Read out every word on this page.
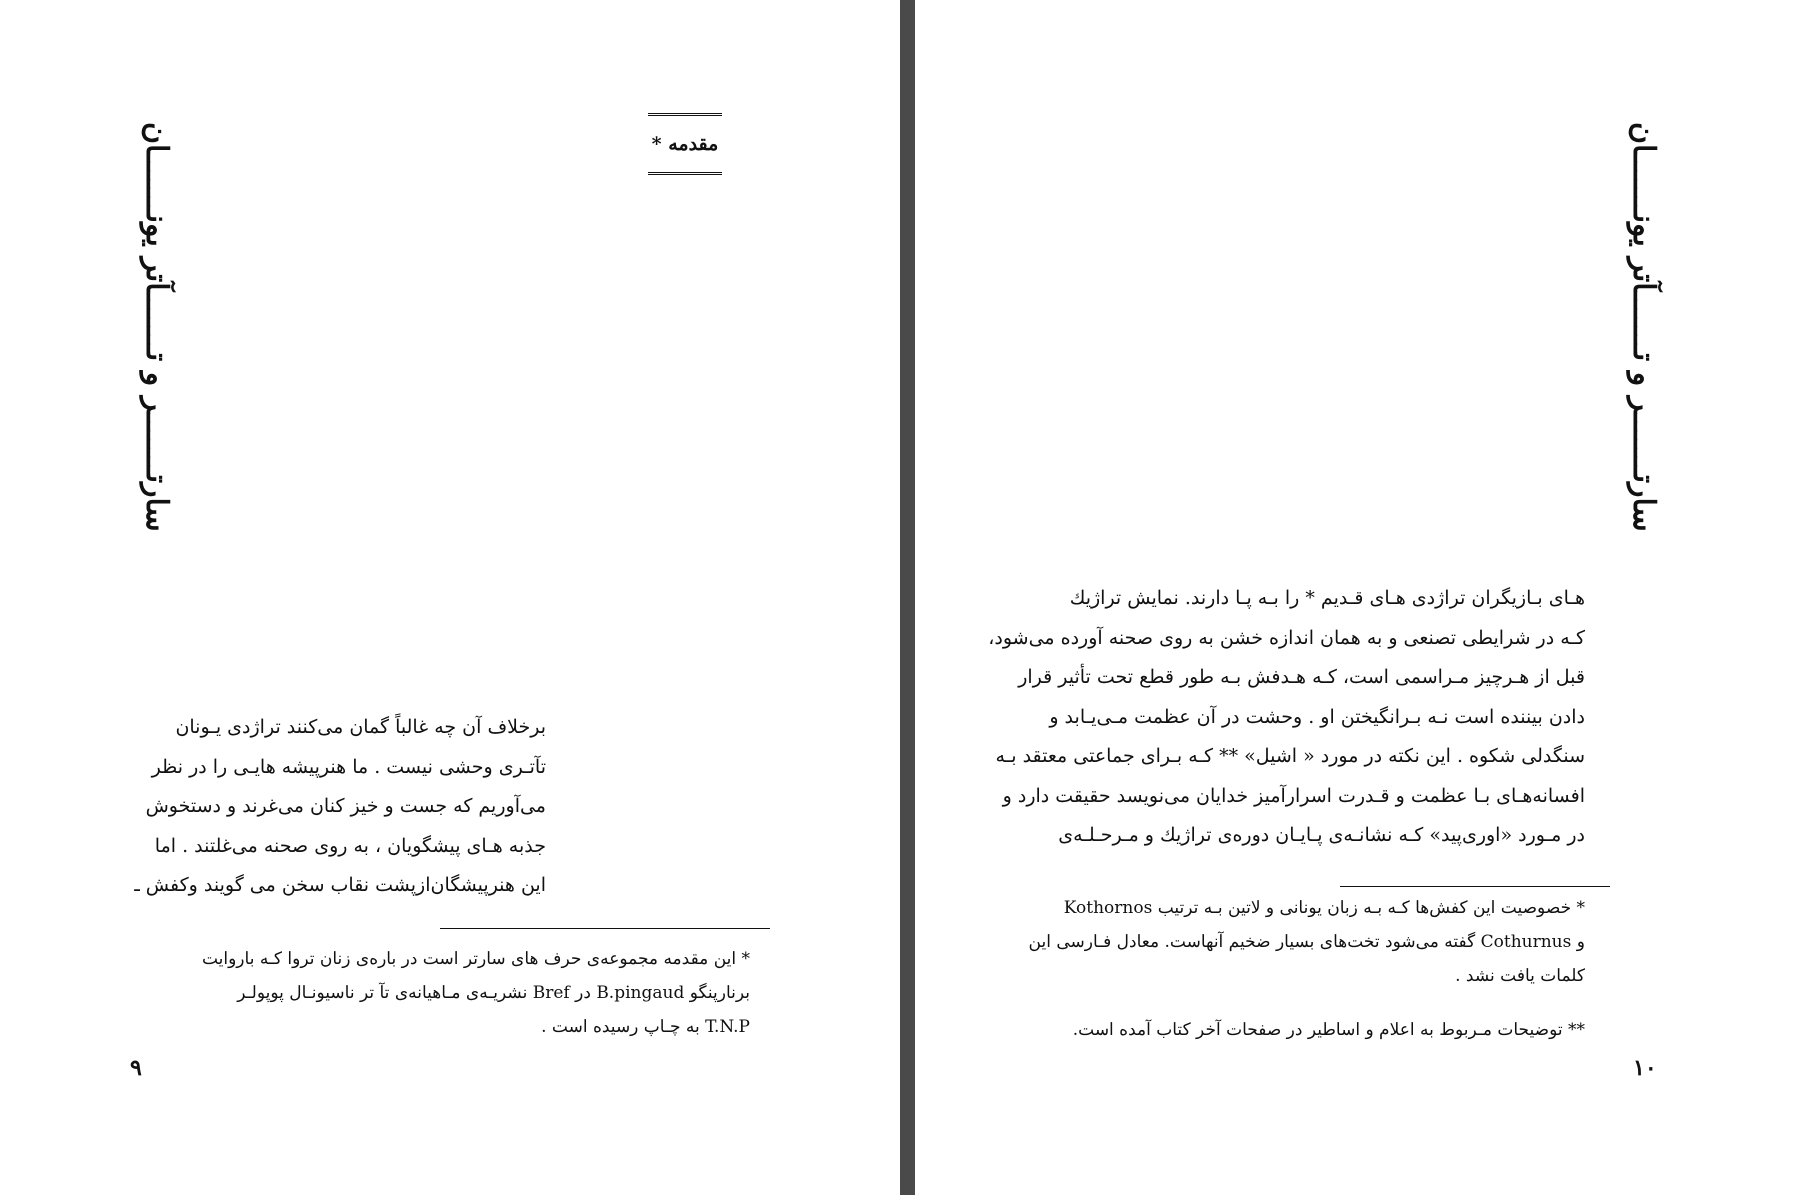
سارتـــــــر و تـــــــآتر یونـــــــان	مقدمه *

برخلاف آن چه غالباً گمان می‌کنند تراژدی یـونان

تآتـری وحشی نیست . ما هنرپیشه هایـی را در نظر

می‌آوریم که جست و خیز کنان می‌غرند و دستخوش

جذبه هـای پیشگویان ، به روی صحنه می‌غلتند . اما

این هنرپیشگان‌ازپشت نقاب سخن می گویند و‌کفش ـ

* این مقدمه مجموعه‌ی حرف های سارتر است در باره‌ی زنان تروا کـه باروایت

برنارپنگو B.pingaud در Bref نشریـه‌ی مـاهیانه‌ی تآ تر ناسیونـال پوپولـر

T.N.P به چـاپ رسیده است .

۹
سارتـــــــر و تـــــــآتر یونـــــــان

هـای بـازیگران تراژدی هـای قـدیم * را بـه پـا دارند. نمایش تراژیك

کـه در شرایطی تصنعی و به همان اندازه خشن به روی صحنه آورده می‌شود،

قبل از هـرچیز مـراسمی است، کـه هـدفش بـه طور قطع تحت تأثیر قرار

دادن بیننده است نـه بـرانگیختن او . وحشت در آن عظمت مـی‌یـابد و

سنگدلی شکوه . این نکته در مورد « اشیل» ** کـه بـرای جماعتی معتقد بـه

افسانه‌هـای بـا عظمت و قـدرت اسرارآمیز خدایان می‌نویسد حقیقت دارد و

در مـورد «اوری‌پید» کـه نشانـه‌ی پـایـان دوره‌ی تراژیك و مـرحـلـه‌ی

* خصوصیت این کفش‌ها کـه بـه زبان یونانی و لاتین بـه ترتیب Kothornos

و Cothurnus گفته می‌شود تخت‌های بسیار ضخیم آنهاست. معادل فـارسی این

کلمات یافت نشد .

** توضیحات مـربوط به اعلام و اساطیر در صفحات آخر کتاب آمده است.

۱۰
